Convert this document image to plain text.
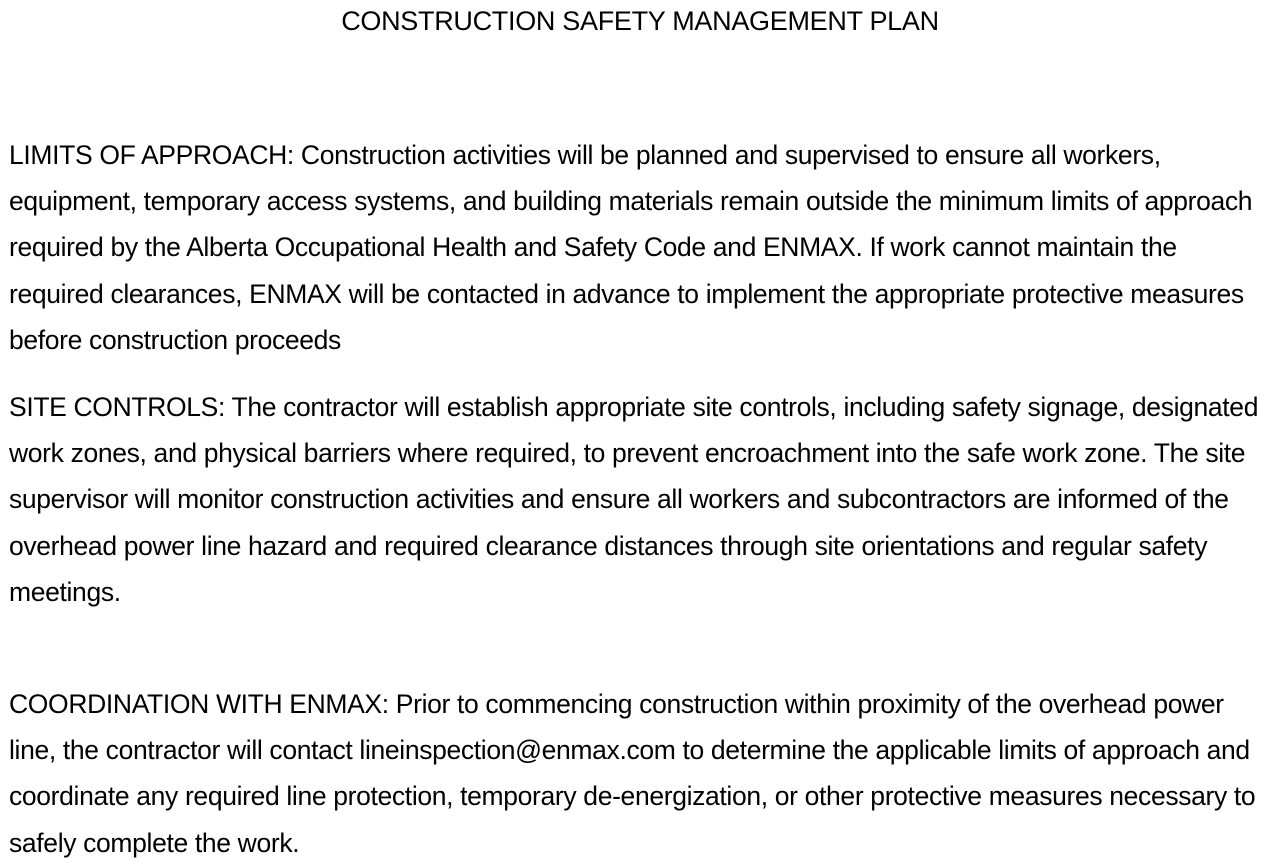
CONSTRUCTION SAFETY MANAGEMENT PLAN

LIMITS OF APPROACH: Construction activities will be planned and supervised to ensure all workers, equipment, temporary access systems, and building materials remain outside the minimum limits of approach required by the Alberta Occupational Health and Safety Code and ENMAX. If work cannot maintain the required clearances, ENMAX will be contacted in advance to implement the appropriate protective measures before construction proceeds

SITE CONTROLS: The contractor will establish appropriate site controls, including safety signage, designated work zones, and physical barriers where required, to prevent encroachment into the safe work zone. The site supervisor will monitor construction activities and ensure all workers and subcontractors are informed of the overhead power line hazard and required clearance distances through site orientations and regular safety meetings.

COORDINATION WITH ENMAX: Prior to commencing construction within proximity of the overhead power line, the contractor will contact lineinspection@enmax.com to determine the applicable limits of approach and coordinate any required line protection, temporary de-energization, or other protective measures necessary to safely complete the work.
